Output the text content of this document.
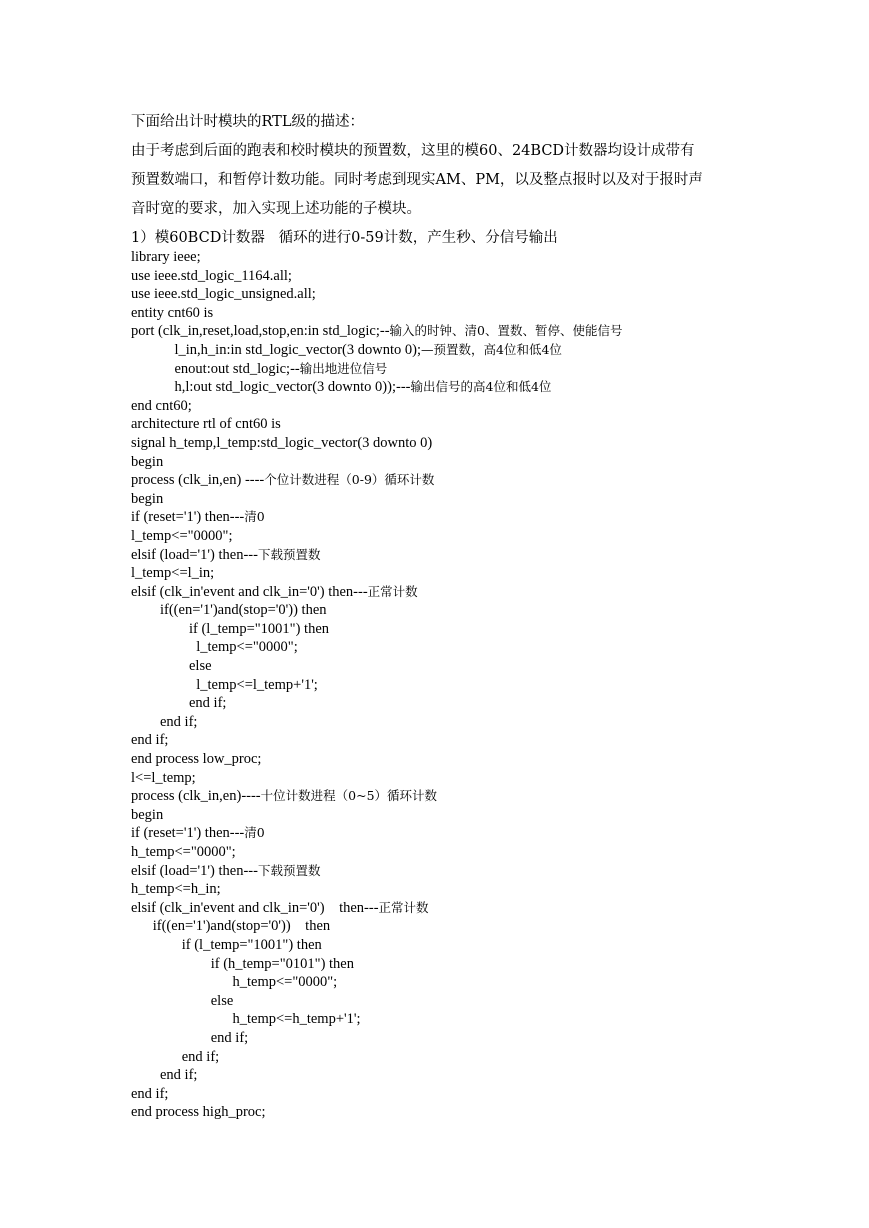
下面给出计时模块的RTL级的描述：

由于考虑到后面的跑表和校时模块的预置数，这里的模60、24BCD计数器均设计成带有

预置数端口，和暂停计数功能。同时考虑到现实AM、PM，以及整点报时以及对于报时声

音时宽的要求，加入实现上述功能的子模块。

1）模60BCD计数器   循环的进行0-59计数，产生秒、分信号输出

library ieee;
use ieee.std_logic_1164.all;
use ieee.std_logic_unsigned.all;
entity cnt60 is
port (clk_in,reset,load,stop,en:in std_logic;--输入的时钟、清0、置数、暂停、使能信号
l_in,h_in:in std_logic_vector(3 downto 0);—预置数，高4位和低4位
enout:out std_logic;--输出地进位信号
h,l:out std_logic_vector(3 downto 0));---输出信号的高4位和低4位
end cnt60;
architecture rtl of cnt60 is
signal h_temp,l_temp:std_logic_vector(3 downto 0)
begin
process (clk_in,en) ----个位计数进程（0-9）循环计数
begin
if (reset='1') then---清0
l_temp<="0000";
elsif (load='1') then---下载预置数
l_temp<=l_in;
elsif (clk_in'event and clk_in='0') then---正常计数
if((en='1')and(stop='0')) then
if (l_temp="1001") then
l_temp<="0000";
else
l_temp<=l_temp+'1';
end if;
end if;
end if;
end process low_proc;
l<=l_temp;
process (clk_in,en)----十位计数进程（0~5）循环计数
begin
if (reset='1') then---清0
h_temp<="0000";
elsif (load='1') then---下载预置数
h_temp<=h_in;
elsif (clk_in'event and clk_in='0')    then---正常计数
if((en='1')and(stop='0'))    then
if (l_temp="1001") then
if (h_temp="0101") then
h_temp<="0000";
else
h_temp<=h_temp+'1';
end if;
end if;
end if;
end if;
end process high_proc;
